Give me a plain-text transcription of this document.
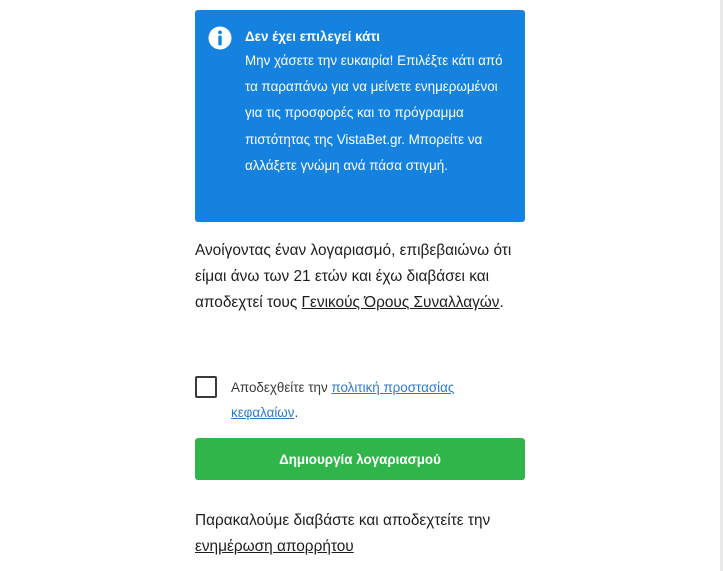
Δεν έχει επιλεγεί κάτι
Μην χάσετε την ευκαιρία! Επιλέξτε κάτι από τα παραπάνω για να μείνετε ενημερωμένοι για τις προσφορές και το πρόγραμμα πιστότητας της VistaBet.gr. Μπορείτε να αλλάξετε γνώμη ανά πάσα στιγμή.
Ανοίγοντας έναν λογαριασμό, επιβεβαιώνω ότι είμαι άνω των 21 ετών και έχω διαβάσει και αποδεχτεί τους Γενικούς Όρους Συναλλαγών.
Αποδεχθείτε την πολιτική προστασίας κεφαλαίων.
Δημιουργία λογαριασμού
Παρακαλούμε διαβάστε και αποδεχτείτε την ενημέρωση απορρήτου
